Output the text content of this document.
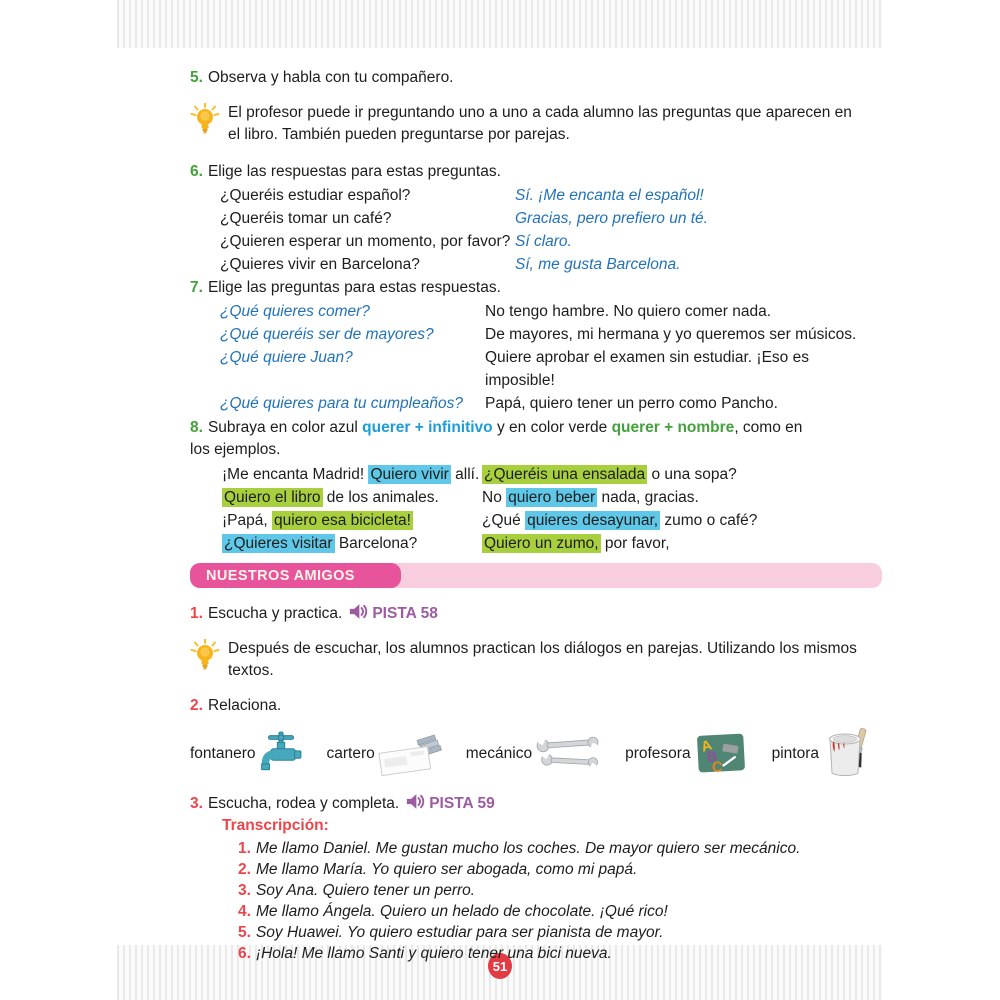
51
5. Observa y habla con tu compañero.
El profesor puede ir preguntando uno a uno a cada alumno las preguntas que aparecen en el libro. También pueden preguntarse por parejas.
6. Elige las respuestas para estas preguntas.
¿Queréis estudiar español?	Sí. ¡Me encanta el español!
¿Queréis tomar un café?	Gracias, pero prefiero un té.
¿Quieren esperar un momento, por favor? Sí claro.
¿Quieres vivir en Barcelona?	Sí, me gusta Barcelona.
7. Elige las preguntas para estas respuestas.
¿Qué quieres comer?	No tengo hambre. No quiero comer nada.
¿Qué queréis ser de mayores?	De mayores, mi hermana y yo queremos ser músicos.
¿Qué quiere Juan?	Quiere aprobar el examen sin estudiar. ¡Eso es imposible!
¿Qué quieres para tu cumpleaños?	Papá, quiero tener un perro como Pancho.
8. Subraya en color azul querer + infinitivo y en color verde querer + nombre, como en los ejemplos.
¡Me encanta Madrid! Quiero vivir allí. ¿Queréis una ensalada o una sopa?
Quiero el libro de los animales.	No quiero beber nada, gracias.
¡Papá, quiero esa bicicleta!	¿Qué quieres desayunar, zumo o café?
¿Quieres visitar Barcelona?	Quiero un zumo, por favor,
NUESTROS AMIGOS
1. Escucha y practica. PISTA 58
Después de escuchar, los alumnos practican los diálogos en parejas. Utilizando los mismos textos.
2. Relaciona.
fontanero	cartero	mecánico	profesora A
B
C
pintora
3. Escucha, rodea y completa. PISTA 59
Transcripción:
1. Me llamo Daniel. Me gustan mucho los coches. De mayor quiero ser mecánico.
2. Me llamo María. Yo quiero ser abogada, como mi papá.
3. Soy Ana. Quiero tener un perro.
4. Me llamo Ángela. Quiero un helado de chocolate. ¡Qué rico!
5. Soy Huawei. Yo quiero estudiar para ser pianista de mayor.
6. ¡Hola! Me llamo Santi y quiero tener una bici nueva.
